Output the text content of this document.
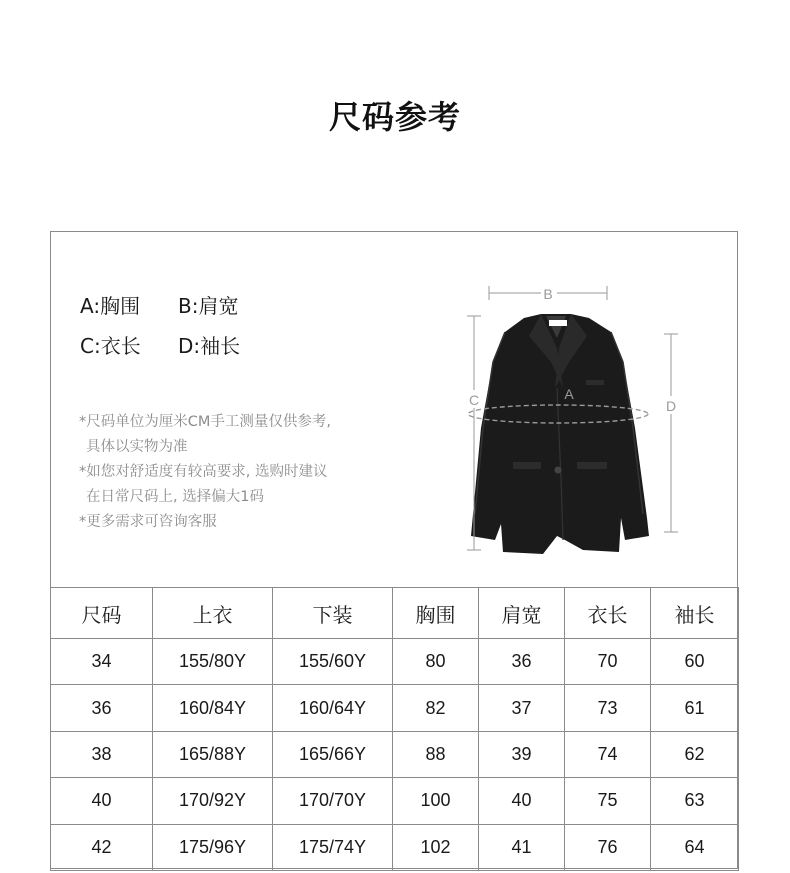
尺码参考
A:胸围	B:肩宽
C:衣长	D:袖长
*尺码单位为厘米CM手工测量仅供参考,
具体以实物为准
*如您对舒适度有较高要求, 选购时建议
在日常尺码上, 选择偏大1码
*更多需求可咨询客服
B
C	D
A
尺码	上衣	下装	胸围	肩宽	衣长	袖长
34	155/80Y	155/60Y	80	36	70	60
36	160/84Y	160/64Y	82	37	73	61
38	165/88Y	165/66Y	88	39	74	62
40	170/92Y	170/70Y	100	40	75	63
42	175/96Y	175/74Y	102	41	76	64
